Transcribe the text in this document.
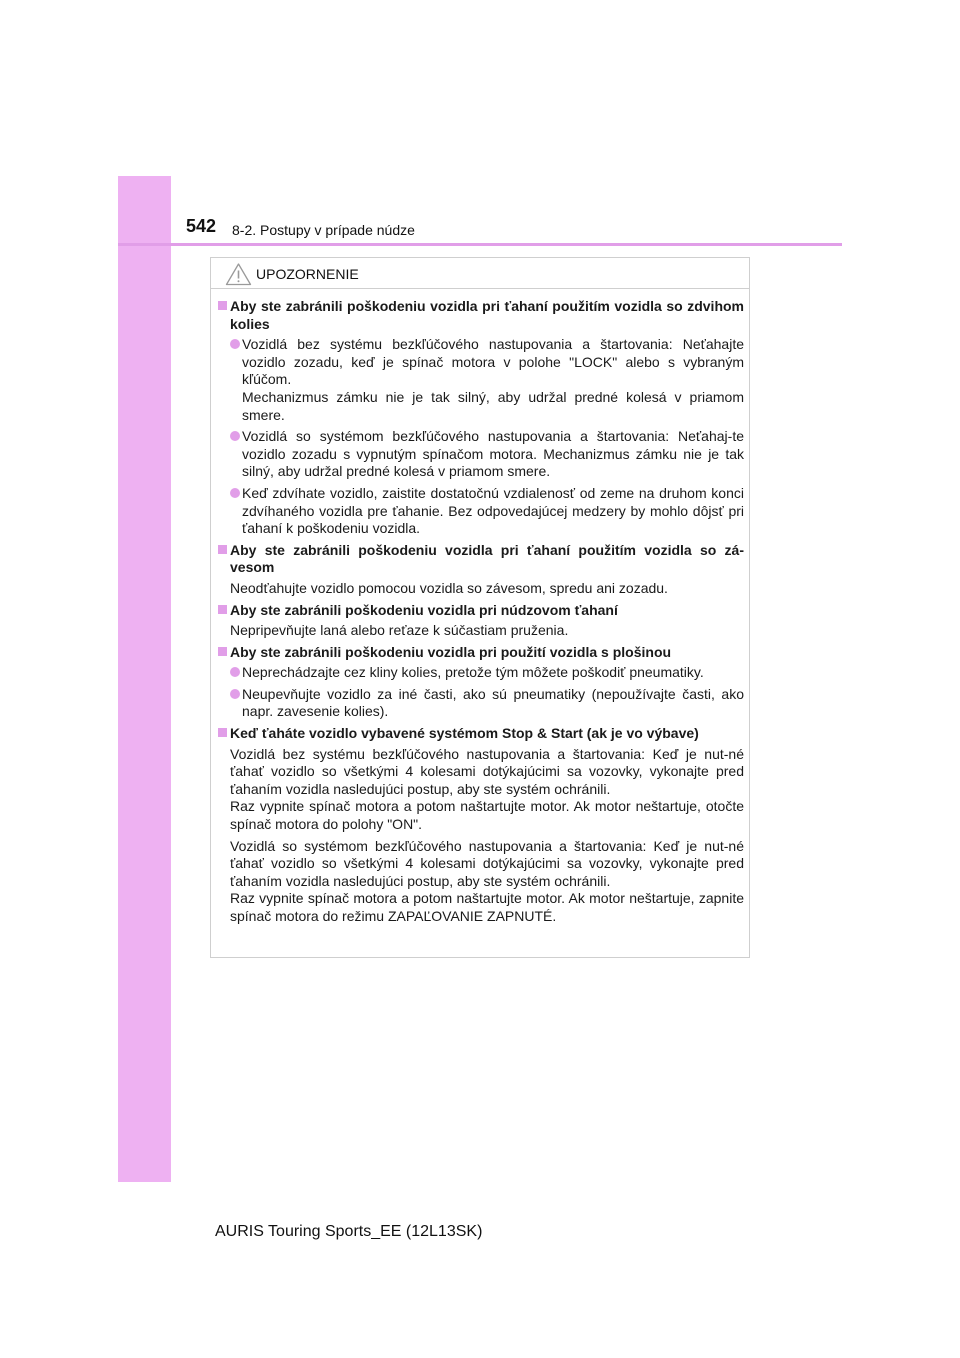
542 8-2. Postupy v prípade núdze
UPOZORNENIE
Aby ste zabránili poškodeniu vozidla pri ťahaní použitím vozidla so zdvihom kolies
Vozidlá bez systému bezkľúčového nastupovania a štartovania: Neťahajte vozidlo zozadu, keď je spínač motora v polohe "LOCK" alebo s vybraným kľúčom.
Mechanizmus zámku nie je tak silný, aby udržal predné kolesá v priamom smere.
Vozidlá so systémom bezkľúčového nastupovania a štartovania: Neťahaj-te vozidlo zozadu s vypnutým spínačom motora. Mechanizmus zámku nie je tak silný, aby udržal predné kolesá v priamom smere.
Keď zdvíhate vozidlo, zaistite dostatočnú vzdialenosť od zeme na druhom konci zdvíhaného vozidla pre ťahanie. Bez odpovedajúcej medzery by mohlo dôjsť pri ťahaní k poškodeniu vozidla.
Aby ste zabránili poškodeniu vozidla pri ťahaní použitím vozidla so zá-vesom
Neodťahujte vozidlo pomocou vozidla so závesom, spredu ani zozadu.
Aby ste zabránili poškodeniu vozidla pri núdzovom ťahaní
Nepripevňujte laná alebo reťaze k súčastiam pruženia.
Aby ste zabránili poškodeniu vozidla pri použití vozidla s plošinou
Neprechádzajte cez kliny kolies, pretože tým môžete poškodiť pneumatiky.
Neupevňujte vozidlo za iné časti, ako sú pneumatiky (nepoužívajte časti, ako napr. zavesenie kolies).
Keď ťaháte vozidlo vybavené systémom Stop & Start (ak je vo výbave)
Vozidlá bez systému bezkľúčového nastupovania a štartovania: Keď je nut-né ťahať vozidlo so všetkými 4 kolesami dotýkajúcimi sa vozovky, vykonajte pred ťahaním vozidla nasledujúci postup, aby ste systém ochránili.
Raz vypnite spínač motora a potom naštartujte motor. Ak motor neštartuje, otočte spínač motora do polohy "ON".
Vozidlá so systémom bezkľúčového nastupovania a štartovania: Keď je nut-né ťahať vozidlo so všetkými 4 kolesami dotýkajúcimi sa vozovky, vykonajte pred ťahaním vozidla nasledujúci postup, aby ste systém ochránili.
Raz vypnite spínač motora a potom naštartujte motor. Ak motor neštartuje, zapnite spínač motora do režimu ZAPAĽOVANIE ZAPNUTÉ.
AURIS Touring Sports_EE (12L13SK)
